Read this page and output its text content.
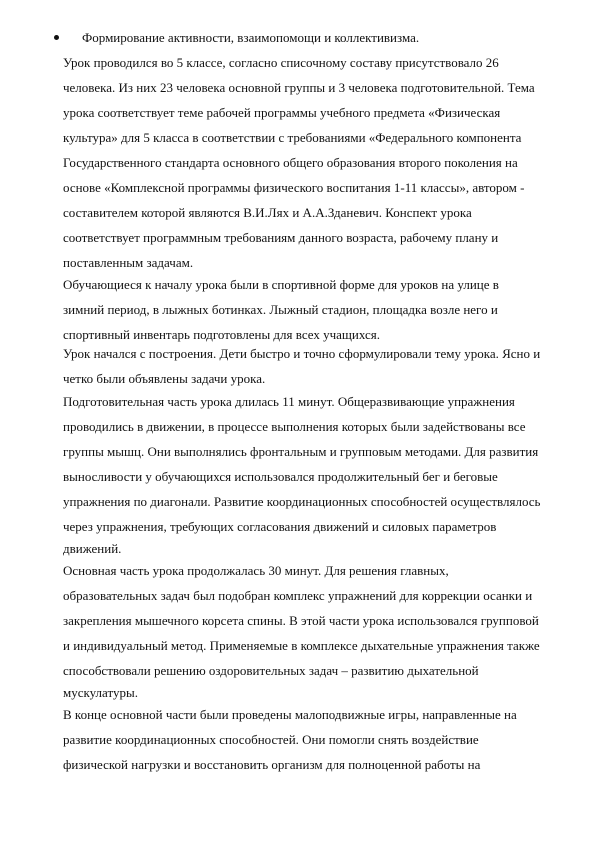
Формирование активности, взаимопомощи и коллективизма.
Урок проводился во 5 классе, согласно списочному составу присутствовало 26
человека. Из них 23 человека основной группы и 3 человека подготовительной. Тема
урока соответствует теме рабочей программы учебного предмета «Физическая
культура» для 5 класса в соответствии с требованиями «Федерального компонента
Государственного стандарта основного общего образования второго поколения на
основе «Комплексной программы физического воспитания 1-11 классы», автором -
составителем которой являются В.И.Лях и А.А.Зданевич. Конспект урока
соответствует программным требованиям данного возраста, рабочему плану и
поставленным задачам.
Обучающиеся к началу урока были в спортивной форме для уроков на улице в
зимний период, в лыжных ботинках. Лыжный стадион, площадка возле него и
спортивный инвентарь подготовлены для всех учащихся.
Урок начался с построения. Дети быстро и точно сформулировали тему урока. Ясно и
четко были объявлены задачи урока.
Подготовительная часть урока длилась 11 минут. Общеразвивающие упражнения
проводились в движении, в процессе выполнения которых были задействованы все
группы мышц. Они выполнялись фронтальным и групповым методами. Для развития
выносливости у обучающихся использовался продолжительный бег и беговые
упражнения по диагонали. Развитие координационных способностей осуществлялось
через упражнения, требующих согласования движений и силовых параметров
движений.
Основная часть урока продолжалась 30 минут. Для решения главных,
образовательных задач был подобран комплекс упражнений для коррекции осанки и
закрепления мышечного корсета спины. В этой части урока использовался групповой
и индивидуальный метод. Применяемые в комплексе дыхательные упражнения также
способствовали решению оздоровительных задач – развитию дыхательной
мускулатуры.
В конце основной части были проведены малоподвижные игры, направленные на
развитие координационных способностей. Они помогли снять воздействие
физической нагрузки и восстановить организм для полноценной работы на
